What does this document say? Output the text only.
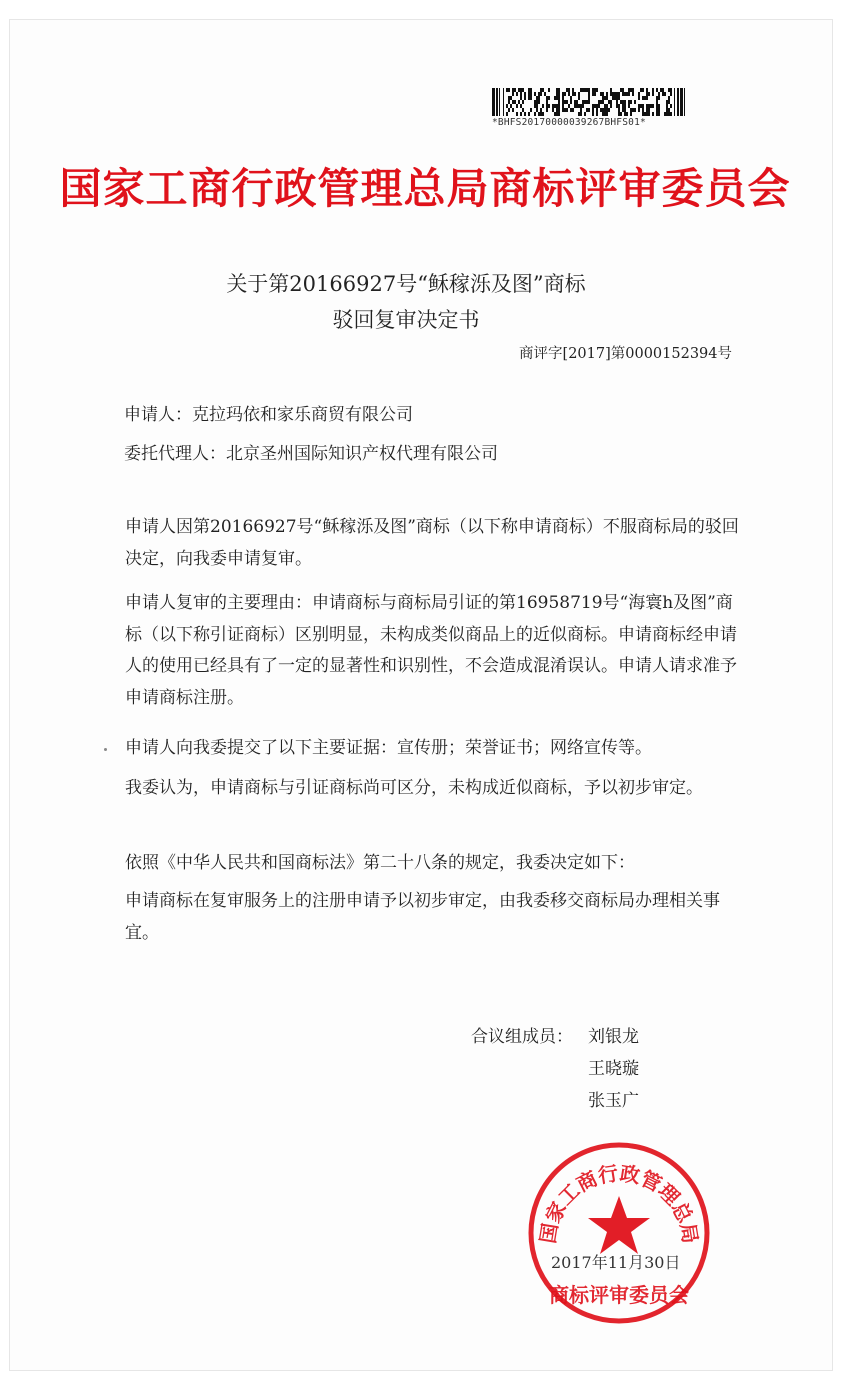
*BHFS20170000039267BHFS01*
国家工商行政管理总局商标评审委员会
关于第20166927号“稣稼泺及图”商标
驳回复审决定书
商评字[2017]第0000152394号
申请人：克拉玛依和家乐商贸有限公司
委托代理人：北京圣州国际知识产权代理有限公司
申请人因第20166927号“稣稼泺及图”商标（以下称申请商标）不服商标局的驳回决定，向我委申请复审。
申请人复审的主要理由：申请商标与商标局引证的第16958719号“海寰h及图”商标（以下称引证商标）区别明显，未构成类似商品上的近似商标。申请商标经申请人的使用已经具有了一定的显著性和识别性，不会造成混淆误认。申请人请求准予申请商标注册。
申请人向我委提交了以下主要证据：宣传册；荣誉证书；网络宣传等。
我委认为，申请商标与引证商标尚可区分，未构成近似商标，予以初步审定。
依照《中华人民共和国商标法》第二十八条的规定，我委决定如下：
申请商标在复审服务上的注册申请予以初步审定，由我委移交商标局办理相关事宜。
合议组成员： 刘银龙
王晓璇
张玉广
国家工商行政管理总局
商标评审委员会
2017年11月30日
